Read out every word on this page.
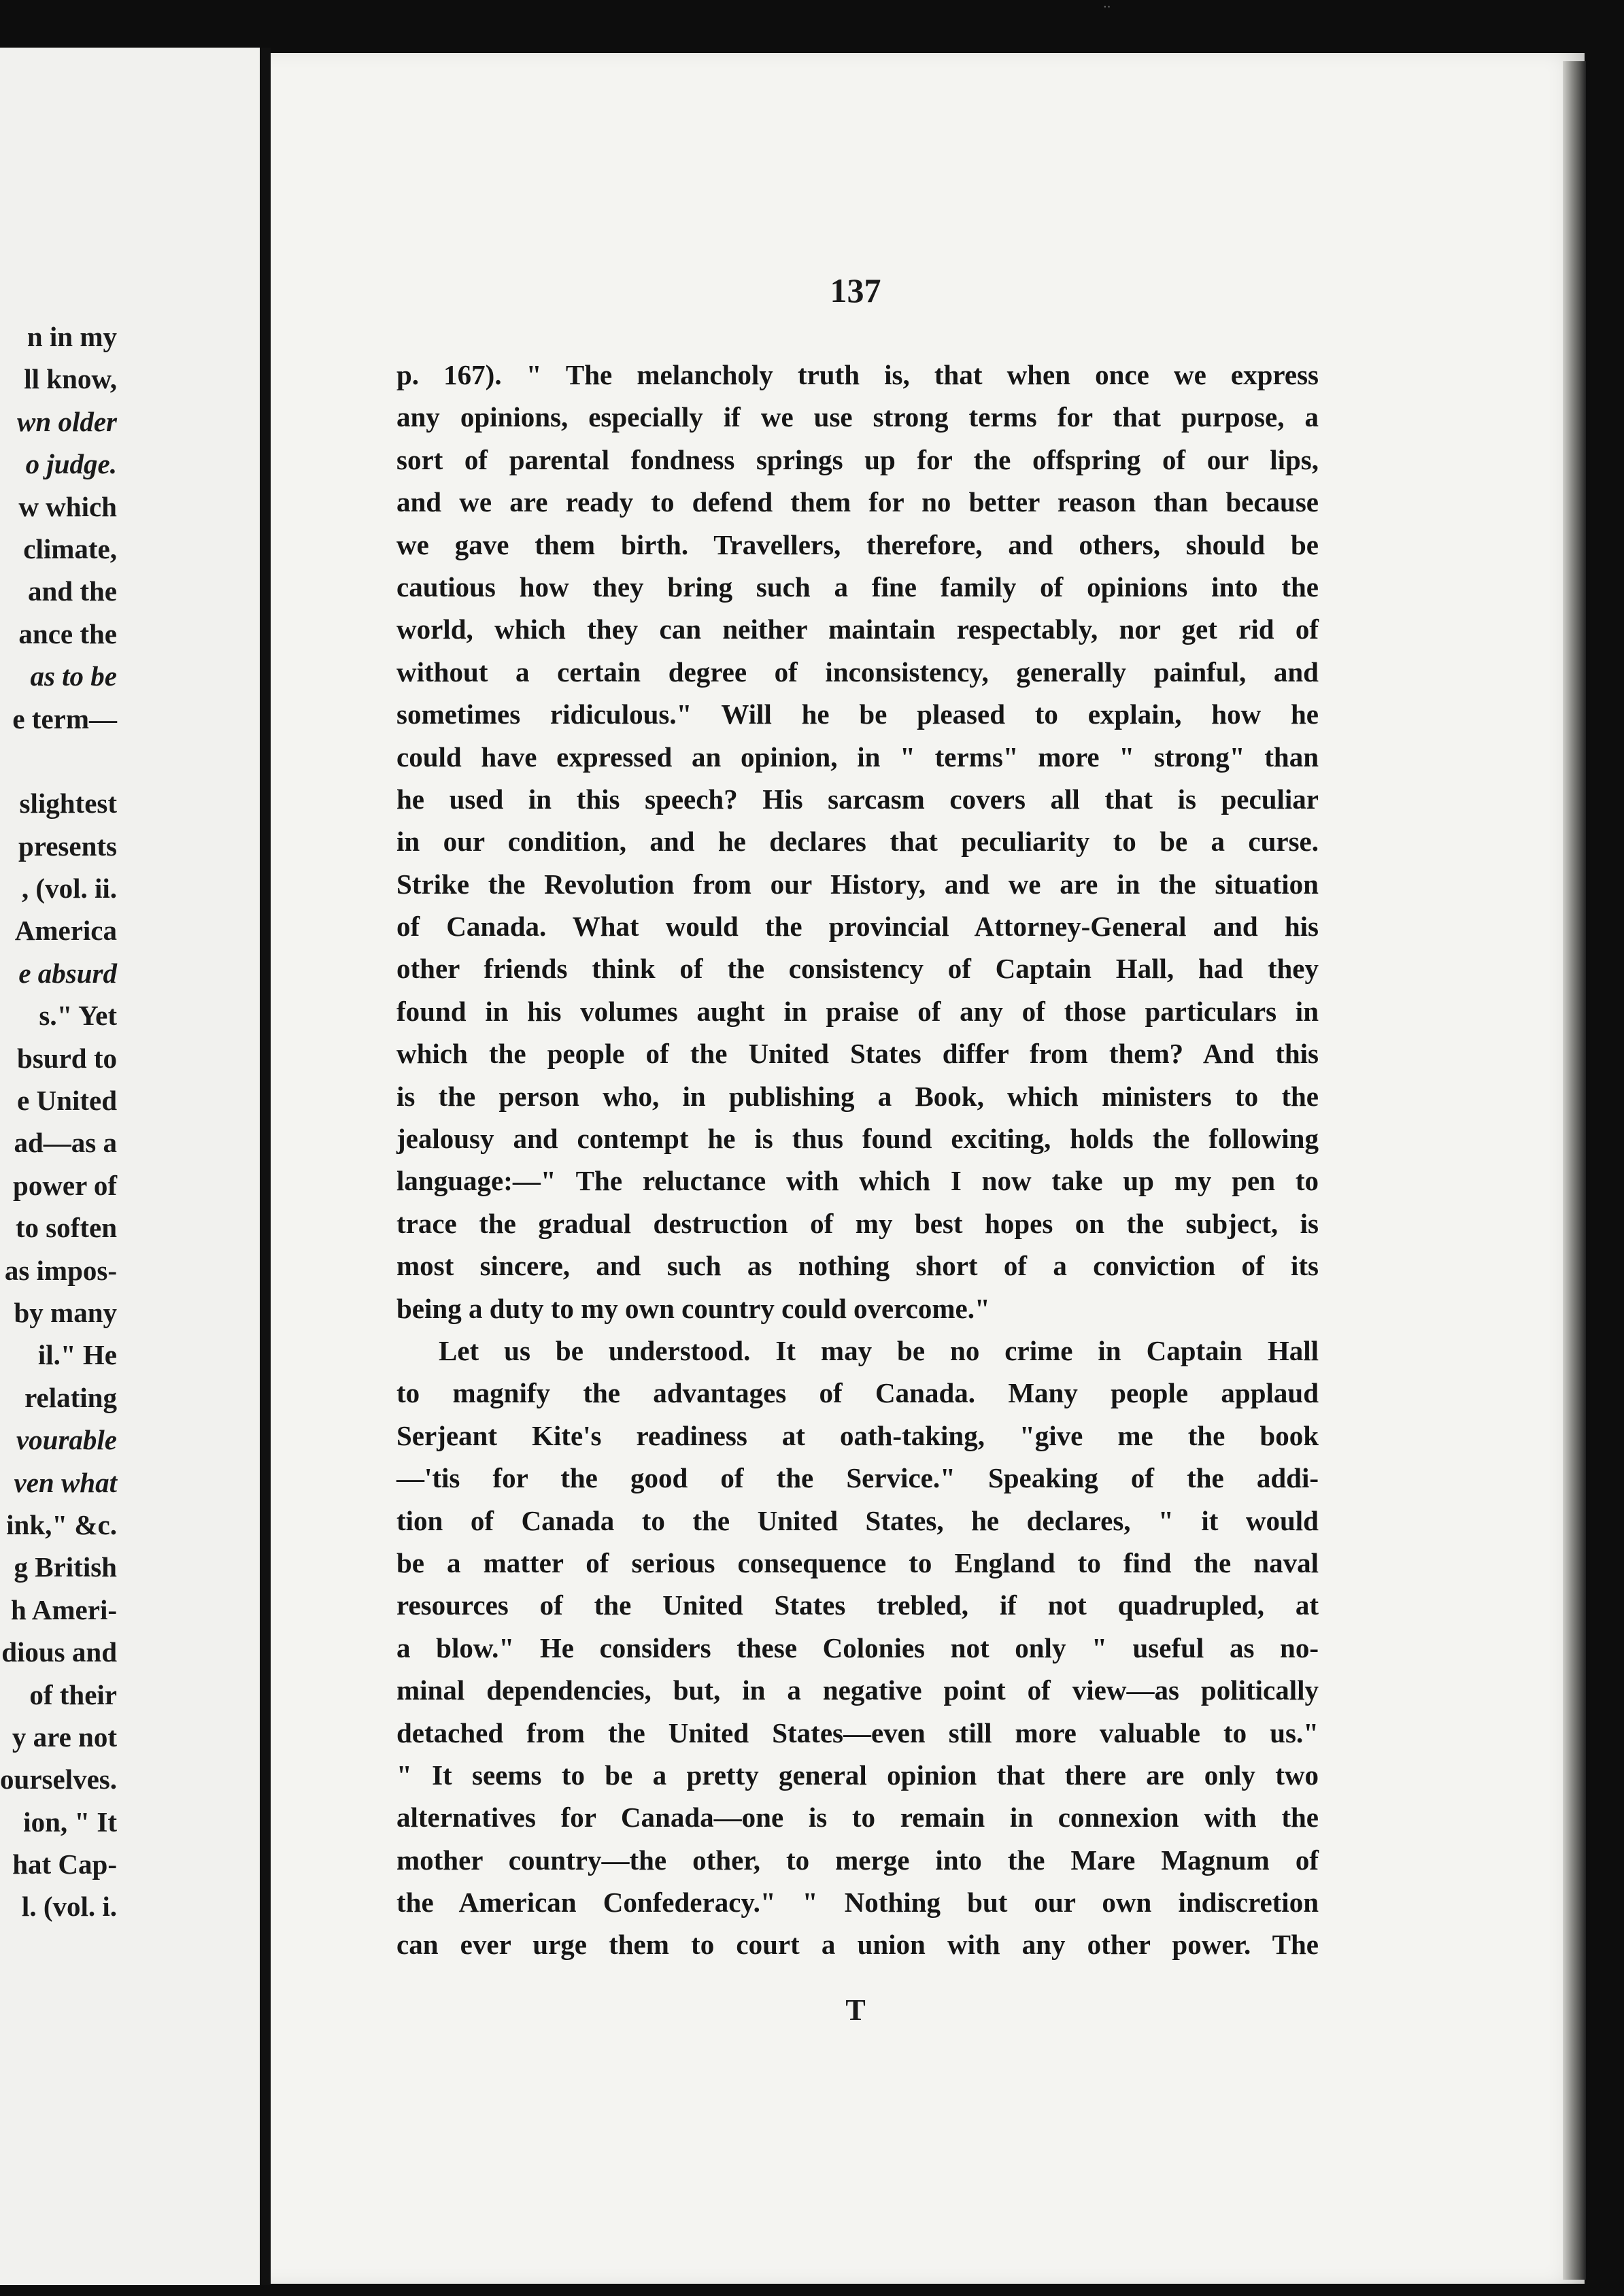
··
n in my
ll know,
wn older
o judge.
w which
climate,
and the
ance the
as to be
e term—
slightest
presents
, (vol. ii.
America
e absurd
s." Yet
bsurd to
e United
ad—as a
power of
to soften
as impos-
by many
il." He
relating
vourable
ven what
ink," &c.
g British
h Ameri-
dious and
of their
y are not
ourselves.
ion, " It
hat Cap-
l. (vol. i.
137
p. 167). " The melancholy truth is, that when once we express
any opinions, especially if we use strong terms for that purpose, a
sort of parental fondness springs up for the offspring of our lips,
and we are ready to defend them for no better reason than because
we gave them birth. Travellers, therefore, and others, should be
cautious how they bring such a fine family of opinions into the
world, which they can neither maintain respectably, nor get rid of
without a certain degree of inconsistency, generally painful, and
sometimes ridiculous." Will he be pleased to explain, how he
could have expressed an opinion, in " terms" more " strong" than
he used in this speech? His sarcasm covers all that is peculiar
in our condition, and he declares that peculiarity to be a curse.
Strike the Revolution from our History, and we are in the situation
of Canada. What would the provincial Attorney-General and his
other friends think of the consistency of Captain Hall, had they
found in his volumes aught in praise of any of those particulars in
which the people of the United States differ from them? And this
is the person who, in publishing a Book, which ministers to the
jealousy and contempt he is thus found exciting, holds the following
language:—" The reluctance with which I now take up my pen to
trace the gradual destruction of my best hopes on the subject, is
most sincere, and such as nothing short of a conviction of its
being a duty to my own country could overcome."
Let us be understood. It may be no crime in Captain Hall
to magnify the advantages of Canada. Many people applaud
Serjeant Kite's readiness at oath-taking, "give me the book
—'tis for the good of the Service." Speaking of the addi-
tion of Canada to the United States, he declares, " it would
be a matter of serious consequence to England to find the naval
resources of the United States trebled, if not quadrupled, at
a blow." He considers these Colonies not only " useful as no-
minal dependencies, but, in a negative point of view—as politically
detached from the United States—even still more valuable to us."
" It seems to be a pretty general opinion that there are only two
alternatives for Canada—one is to remain in connexion with the
mother country—the other, to merge into the Mare Magnum of
the American Confederacy." " Nothing but our own indiscretion
can ever urge them to court a union with any other power. The
T
